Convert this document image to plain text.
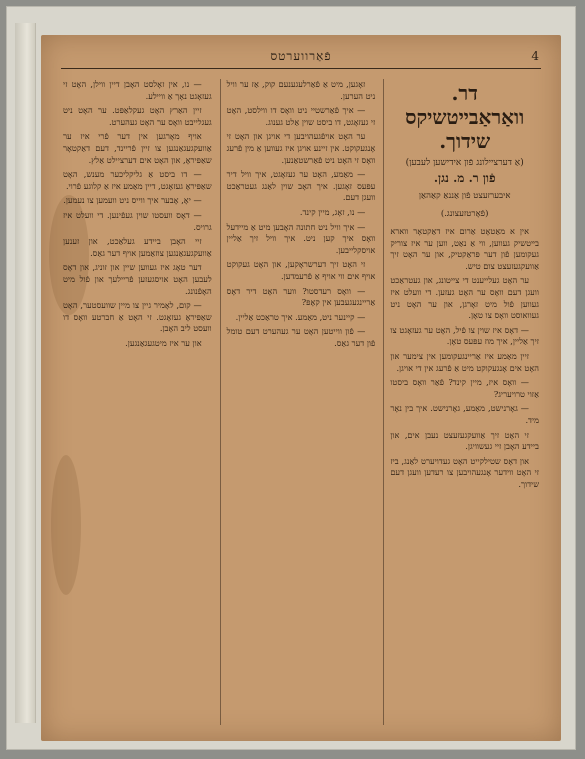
4
פֿאַרווערטס
דר. וואַראַבײטשיקס שידוך.
(אַ דערציילונג פֿון אידישען לעבען)
פֿון ר. מ. נגן.
איבערזעצט פֿון אַננאַ קאַהאַן
(פֿאָרטזעצונג.)

אין א מאַטאָט אַרום איז דאַקטאָר ווארא בײטשיק געווען, ווי אַ נאַט, ווען ער איז צוריק געקומען פֿון דער פּראַקטיק, און ער האָט זיך אַוועקגעזעצט צום טיש.

ער האָט געלייענט די צייטונג, און געטראַכט וועגן דעם וואָס ער האָט געזען. די וועלט איז געווען פֿול מיט זאָרגן, און ער האָט ניט געוואוסט וואָס צו טאָן.

— דאָס איז שוין צו פֿיל, האָט ער געזאָגט צו זיך אַליין, איך מוז עפּעס טאָן.

זיין מאַמע איז אַריינגעקומען אין צימער און האָט אים אָנגעקוקט מיט אַ פֿרעג אין די אויגן.

— וואָס איז, מיין קינד? פֿאַר וואָס ביסטו אַזוי טרויעריג?

— גאָרנישט, מאַמע, גאָרנישט. איך בין נאָר מיד.

זי האָט זיך אַוועקגעזעצט נעבן אים, און ביידע האָבן זיי געשוויגן.

און דאָס שטילקייט האָט געדויערט לאַנג, ביז זי האָט ווידער אָנגעהויבען צו רעדען וועגן דעם שידוך.

זאָגען, מיט אַ פֿאַרלעגענעם קוק, אַז ער וויל ניט הערען.

— איך פֿאַרשטיי ניט וואָס דו ווילסט, האָט זי געזאָגט, דו ביסט שוין אַלט גענוג.

ער האָט אויפֿגעהויבען די אויגן און האָט זי אָנגעקוקט. אין זיינע אויגן איז געווען אַ מין פֿרעג וואָס זי האָט ניט פֿאַרשטאַנען.

— מאַמע, האָט ער געזאָגט, איך וויל דיר עפּעס זאָגען. איך האָב שוין לאַנג געטראַכט וועגן דעם.

— נו, זאָג, מיין קינד.

— איך וויל ניט חתונה האָבען מיט אַ מיידעל וואָס איך קען ניט. איך וויל זיך אַליין אויסקלייבען.

זי האָט זיך דערשראָקען, און האָט געקוקט אויף אים ווי אויף אַ פֿרעמדען.

— וואָס רעדסטו? ווער האָט דיר דאָס אַריינגעגעבען אין קאָפּ?

— קיינער ניט, מאַמע. איך טראַכט אַליין.

— פֿון ווייטען האָט ער געהערט דעם טומל פֿון דער גאַס.

— נו, אין זאָלסט האָבן דיין ווילן, האָט זי געזאָגט נאָך אַ וויילע.

זיין האַרץ האָט געקלאַפּט. ער האָט ניט געגלייבט וואָס ער האָט געהערט.

אויף מאָרגען אין דער פֿרי איז ער אַוועקגעגאַנגען צו זיין פֿריינד, דעם דאַקטאָר שאַפּיראָ, און האָט אים דערציילט אַלץ.

— דו ביסט אַ גליקליכער מענש, האָט שאַפּיראָ געזאָגט, דיין מאַמע איז אַ קלוגע פֿרוי.

— יאָ, אָבער איך ווייס ניט וועמען צו נעמען.

— דאָס וועסטו שוין געפֿינען. די וועלט איז גרויס.

זיי האָבן ביידע געלאַכט, און זענען אַוועקגעגאַנגען צוזאַמען אויף דער גאַס.

דער טאָג איז געווען שיין און זוניג, און דאָס לעבען האָט אויסגעזען פֿריילעך און פֿול מיט האָפֿנונג.

— קום, לאָמיר גיין צו מיין שוועסטער, האָט שאַפּיראָ געזאָגט. זי האָט אַ חברטע וואָס דו וועסט ליב האָבן.

און ער איז מיטגעגאַנגען.
